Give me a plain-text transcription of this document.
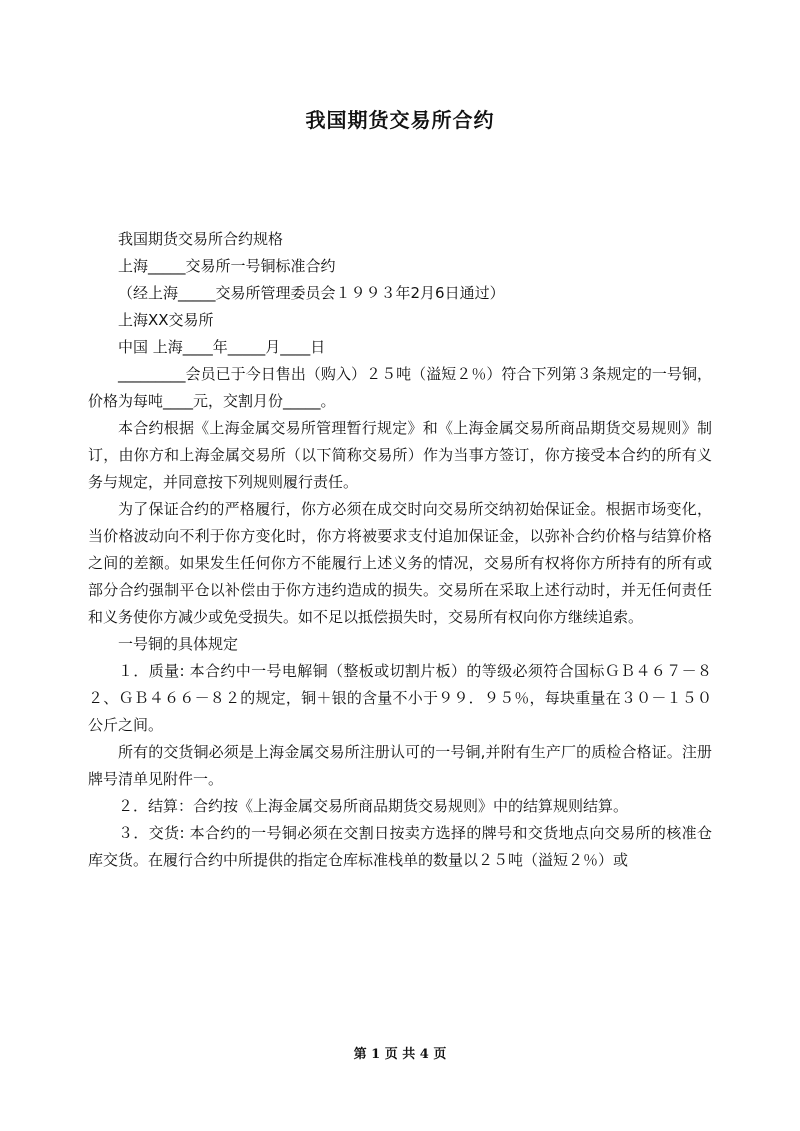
我国期货交易所合约

我国期货交易所合约规格

上海_____交易所一号铜标准合约

（经上海_____交易所管理委员会１９９３年2月6日通过）

上海XX交易所

中国 上海____年_____月____日

_________会员已于今日售出（购入）２５吨（溢短２％）符合下列第３条规定的一号铜，价格为每吨____元，交割月份_____。

本合约根据《上海金属交易所管理暂行规定》和《上海金属交易所商品期货交易规则》制订，由你方和上海金属交易所（以下简称交易所）作为当事方签订，你方接受本合约的所有义务与规定，并同意按下列规则履行责任。

为了保证合约的严格履行，你方必须在成交时向交易所交纳初始保证金。根据市场变化，当价格波动向不利于你方变化时，你方将被要求支付追加保证金，以弥补合约价格与结算价格之间的差额。如果发生任何你方不能履行上述义务的情况，交易所有权将你方所持有的所有或部分合约强制平仓以补偿由于你方违约造成的损失。交易所在采取上述行动时，并无任何责任和义务使你方减少或免受损失。如不足以抵偿损失时，交易所有权向你方继续追索。

一号铜的具体规定

１．质量: 本合约中一号电解铜（整板或切割片板）的等级必须符合国标ＧＢ４６７－８２、ＧＢ４６６－８２的规定，铜＋银的含量不小于９９．９５％，每块重量在３０－１５０公斤之间。

所有的交货铜必须是上海金属交易所注册认可的一号铜,并附有生产厂的质检合格证。注册牌号清单见附件一。

２．结算：合约按《上海金属交易所商品期货交易规则》中的结算规则结算。

３．交货: 本合约的一号铜必须在交割日按卖方选择的牌号和交货地点向交易所的核准仓库交货。在履行合约中所提供的指定仓库标准栈单的数量以２５吨（溢短２％）或

第 1 页 共 4 页
